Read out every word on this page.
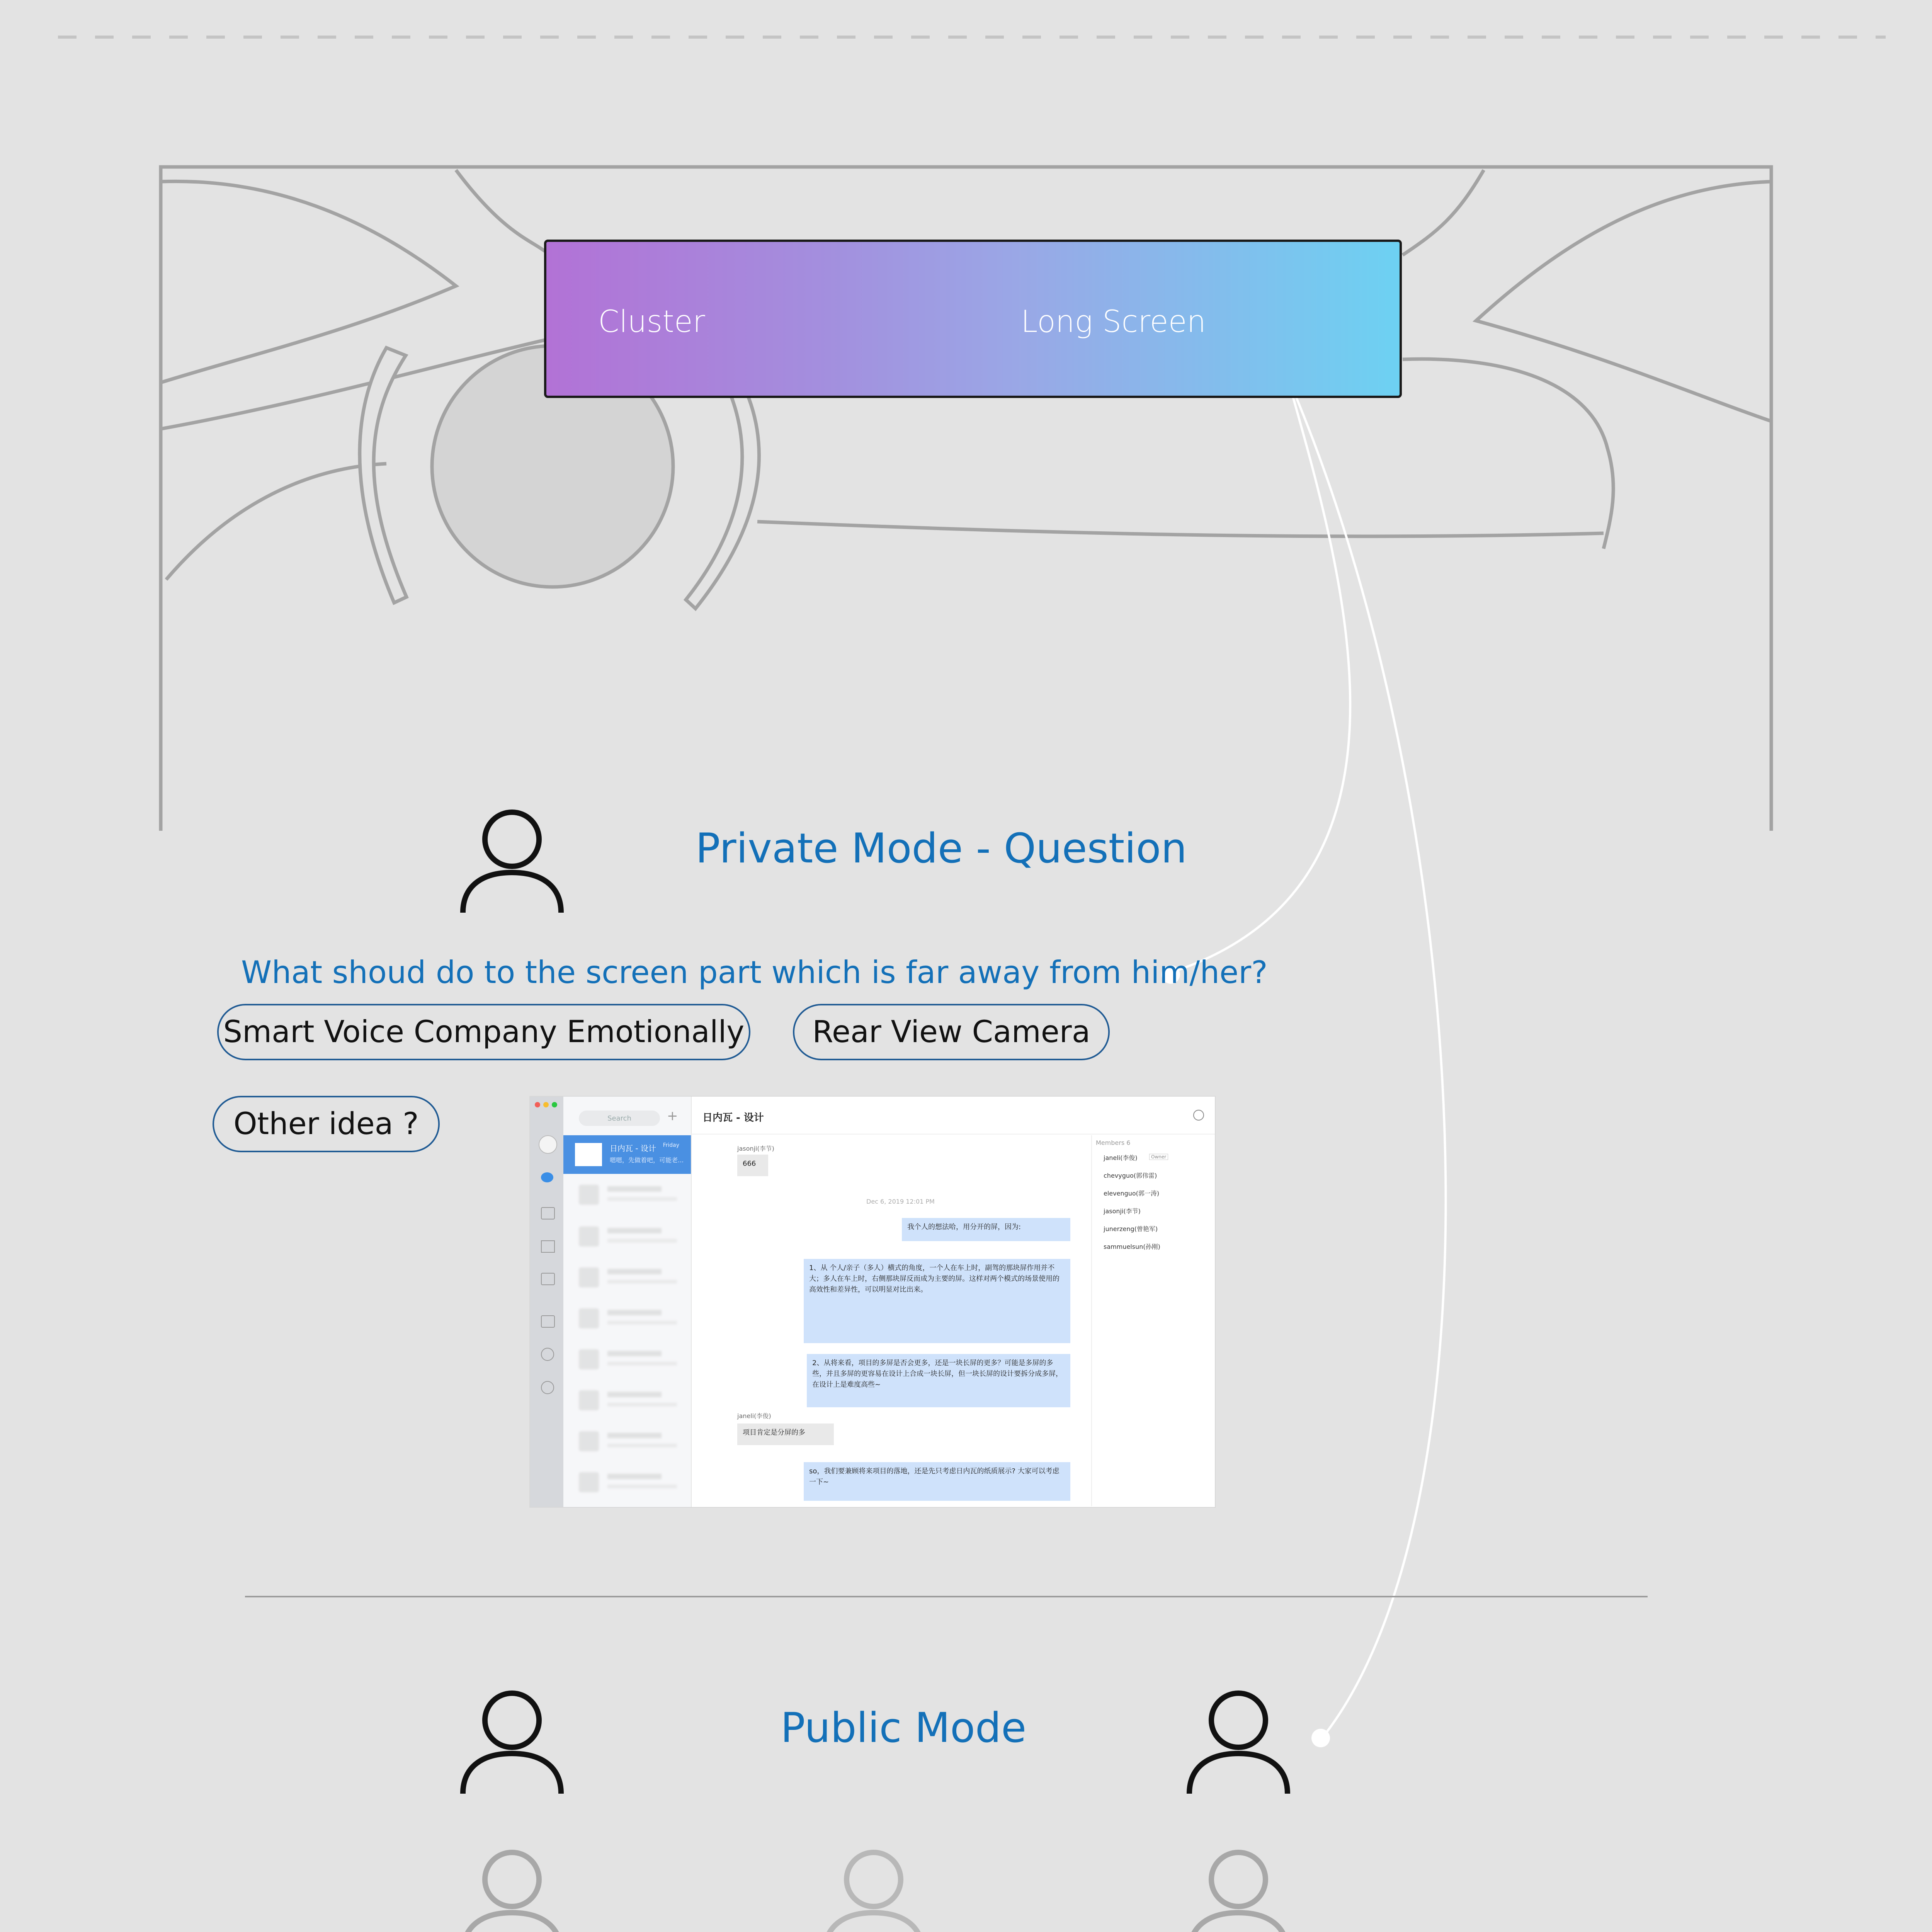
Cluster	Long Screen
Private Mode - Question
What shoud do to the screen part which is far away from him/her?
Smart Voice Company Emotionally	Rear View Camera
Other idea ?	Search	+
日内瓦 - 设计
嗯嗯，先做着吧，可能老...
Friday
日内瓦 - 设计
jasonji(李节)
666
Dec 6, 2019 12:01 PM
我个人的想法哈，用分开的屏，因为:
1、从 个人/亲子（多人）横式的角度，一个人在车上时，副驾的那块屏作用并不大；多人在车上时，右侧那块屏反而成为主要的屏。这样对两个模式的场景使用的高效性和差异性，可以明显对比出来。
2、从将来看，项目的多屏是否会更多，还是一块长屏的更多？可能是多屏的多些，并且多屏的更容易在设计上合成一块长屏，但一块长屏的设计要拆分成多屏，在设计上是难度高些~
janeli(李俊)
项目肯定是分屏的多
so，我们要兼顾将来项目的落地，还是先只考虑日内瓦的纸质展示? 大家可以考虑一下~
Members 6
janeli(李俊)	Owner
chevyguo(郭伟雷)
elevenguo(郭一涛)
jasonji(李节)
junerzeng(曾艳军)
sammuelsun(孙刚)
Public Mode
